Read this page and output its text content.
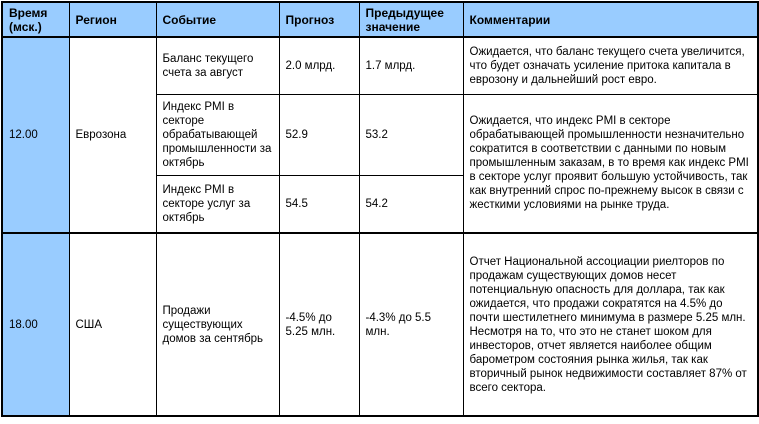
Время (мск.)	Регион	Событие	Прогноз	Предыдущее значение	Комментарии
12.00	Еврозона	Баланс текущего счета за август	2.0 млрд.	1.7 млрд.	Ожидается, что баланс текущего счета увеличится, что будет означать усиление притока капитала в еврозону и дальнейший рост евро.
		Индекс PMI в секторе обрабатывающей промышленности за октябрь	52.9	53.2	Ожидается, что индекс PMI в секторе обрабатывающей промышленности незначительно сократится в соответствии с данными по новым промышленным заказам, в то время как индекс PMI в секторе услуг проявит большую устойчивость, так как внутренний спрос по-прежнему высок в связи с жесткими условиями на рынке труда.
		Индекс PMI в секторе услуг за октябрь	54.5	54.2	
18.00	США	Продажи существующих домов за сентябрь	-4.5% до 5.25 млн.	-4.3% до 5.5 млн.	Отчет Национальной ассоциации риелторов по продажам существующих домов несет потенциальную опасность для доллара, так как ожидается, что продажи сократятся на 4.5% до почти шестилетнего минимума в размере 5.25 млн. Несмотря на то, что это не станет шоком для инвесторов, отчет является наиболее общим барометром состояния рынка жилья, так как вторичный рынок недвижимости составляет 87% от всего сектора.
